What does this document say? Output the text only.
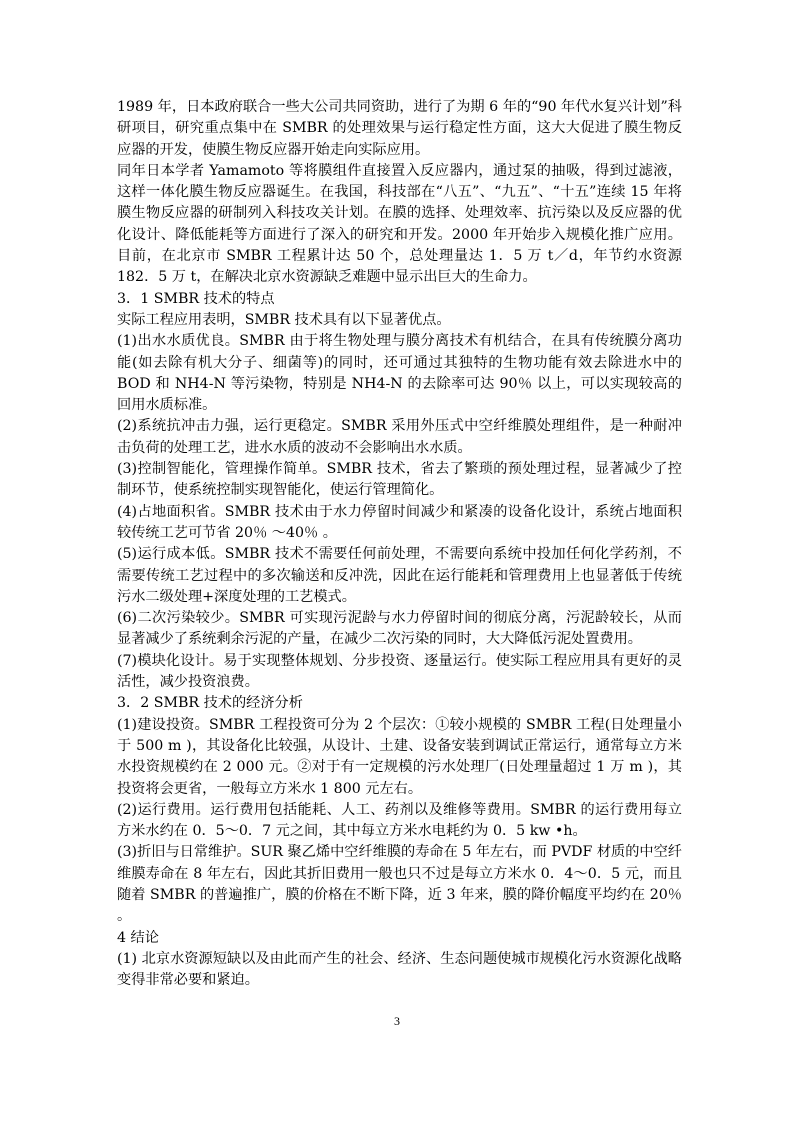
1989 年，日本政府联合一些大公司共同资助，进行了为期 6 年的“90 年代水复兴计划”科研项目，研究重点集中在 SMBR 的处理效果与运行稳定性方面，这大大促进了膜生物反应器的开发，使膜生物反应器开始走向实际应用。

同年日本学者 Yamamoto 等将膜组件直接置入反应器内，通过泵的抽吸，得到过滤液，这样一体化膜生物反应器诞生。在我国，科技部在“八五”、“九五”、“十五”连续 15 年将膜生物反应器的研制列入科技攻关计划。在膜的选择、处理效率、抗污染以及反应器的优化设计、降低能耗等方面进行了深入的研究和开发。2000 年开始步入规模化推广应用。目前，在北京市 SMBR 工程累计达 50 个，总处理量达 1．5 万 t／d，年节约水资源 182．5 万 t，在解决北京水资源缺乏难题中显示出巨大的生命力。

3．1 SMBR 技术的特点

实际工程应用表明，SMBR 技术具有以下显著优点。

(1)出水水质优良。SMBR 由于将生物处理与膜分离技术有机结合，在具有传统膜分离功能(如去除有机大分子、细菌等)的同时，还可通过其独特的生物功能有效去除进水中的 BOD 和 NH4-N 等污染物，特别是 NH4-N 的去除率可达 90％ 以上，可以实现较高的回用水质标准。

(2)系统抗冲击力强，运行更稳定。SMBR 采用外压式中空纤维膜处理组件，是一种耐冲击负荷的处理工艺，进水水质的波动不会影响出水水质。

(3)控制智能化，管理操作简单。SMBR 技术，省去了繁琐的预处理过程，显著减少了控制环节，使系统控制实现智能化，使运行管理简化。

(4)占地面积省。SMBR 技术由于水力停留时间减少和紧凑的设备化设计，系统占地面积较传统工艺可节省 20％ ～40％ 。

(5)运行成本低。SMBR 技术不需要任何前处理，不需要向系统中投加任何化学药剂，不需要传统工艺过程中的多次输送和反冲洗，因此在运行能耗和管理费用上也显著低于传统污水二级处理+深度处理的工艺模式。

(6)二次污染较少。SMBR 可实现污泥龄与水力停留时间的彻底分离，污泥龄较长，从而显著减少了系统剩余污泥的产量，在减少二次污染的同时，大大降低污泥处置费用。

(7)模块化设计。易于实现整体规划、分步投资、逐量运行。使实际工程应用具有更好的灵活性，减少投资浪费。

3．2 SMBR 技术的经济分析

(1)建设投资。SMBR 工程投资可分为 2 个层次：①较小规模的 SMBR 工程(日处理量小于 500 m )，其设备化比较强，从设计、土建、设备安装到调试正常运行，通常每立方米水投资规模约在 2 000 元。②对于有一定规模的污水处理厂(日处理量超过 1 万 m )，其投资将会更省，一般每立方米水 1 800 元左右。

(2)运行费用。运行费用包括能耗、人工、药剂以及维修等费用。SMBR 的运行费用每立方米水约在 0．5～0．7 元之间，其中每立方米水电耗约为 0．5 kw •h。

(3)折旧与日常维护。SUR 聚乙烯中空纤维膜的寿命在 5 年左右，而 PVDF 材质的中空纤维膜寿命在 8 年左右，因此其折旧费用一般也只不过是每立方米水 0．4～0．5 元，而且随着 SMBR 的普遍推广，膜的价格在不断下降，近 3 年来，膜的降价幅度平均约在 20％ 。

4 结论

(1) 北京水资源短缺以及由此而产生的社会、经济、生态问题使城市规模化污水资源化战略变得非常必要和紧迫。

3
